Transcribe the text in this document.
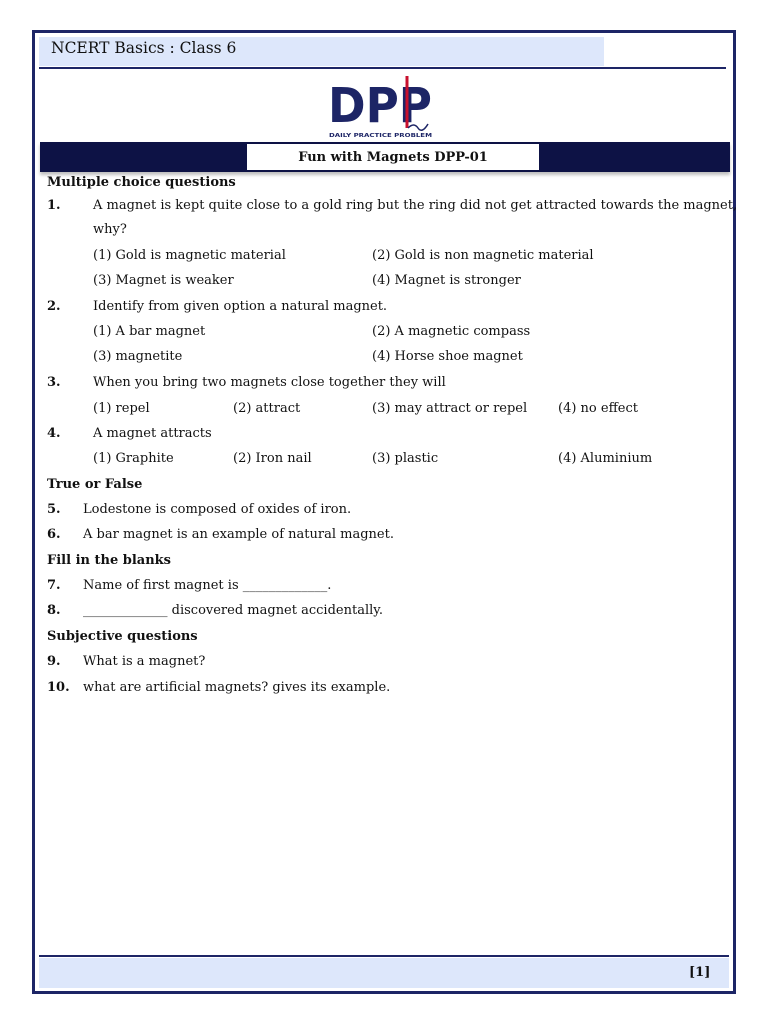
NCERT Basics : Class 6
DPP
DAILY PRACTICE PROBLEM
Fun with Magnets DPP-01
Multiple choice questions
1. A magnet is kept quite close to a gold ring but the ring did not get attracted towards the magnet,
why?
(1) Gold is magnetic material	(2) Gold is non magnetic material
(3) Magnet is weaker	(4) Magnet is stronger
2. Identify from given option a natural magnet.
(1) A bar magnet	(2) A magnetic compass
(3) magnetite	(4) Horse shoe magnet
3. When you bring two magnets close together they will
(1) repel	(2) attract	(3) may attract or repel (4) no effect
4. A magnet attracts
(1) Graphite	(2) Iron nail	(3) plastic	(4) Aluminium
True or False
5. Lodestone is composed of oxides of iron.
6. A bar magnet is an example of natural magnet.
Fill in the blanks
7. Name of first magnet is _____________.
8. _____________ discovered magnet accidentally.
Subjective questions
9. What is a magnet?
10. what are artificial magnets? gives its example.
[1]
